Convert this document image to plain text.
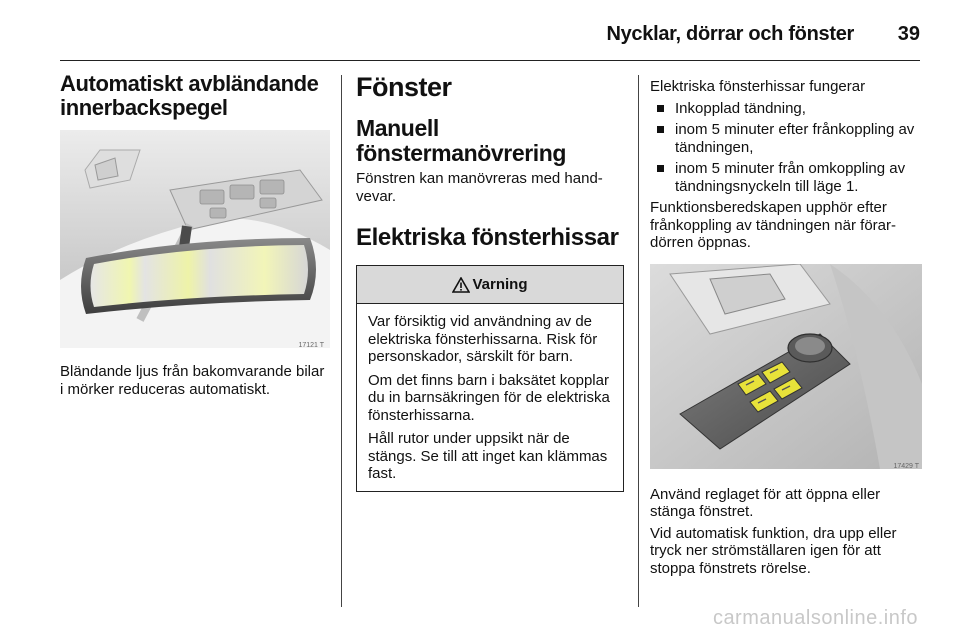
Nycklar, dörrar och fönster 39
Automatiskt avbländande innerbackspegel
17121 T

Bländande ljus från bakomvarande bilar i mörker reduceras automatiskt.

Fönster
Manuell fönstermanövrering

Fönstren kan manövreras med handvevar.

Elektriska fönsterhissar
Varning

Var försiktig vid användning av de elektriska fönsterhissarna. Risk för personskador, särskilt för barn.

Om det finns barn i baksätet kopplar du in barnsäkringen för de elektriska fönsterhissarna.

Håll rutor under uppsikt när de stängs. Se till att inget kan klämmas fast.

Elektriska fönsterhissar fungerar

Inkopplad tändning,
inom 5 minuter efter frånkoppling av tändningen,
inom 5 minuter från omkoppling av tändningsnyckeln till läge 1.

Funktionsberedskapen upphör efter frånkoppling av tändningen när förardörren öppnas.

17429 T

Använd reglaget för att öppna eller stänga fönstret.

Vid automatisk funktion, dra upp eller tryck ner strömställaren igen för att stoppa fönstrets rörelse.

carmanualsonline.info
